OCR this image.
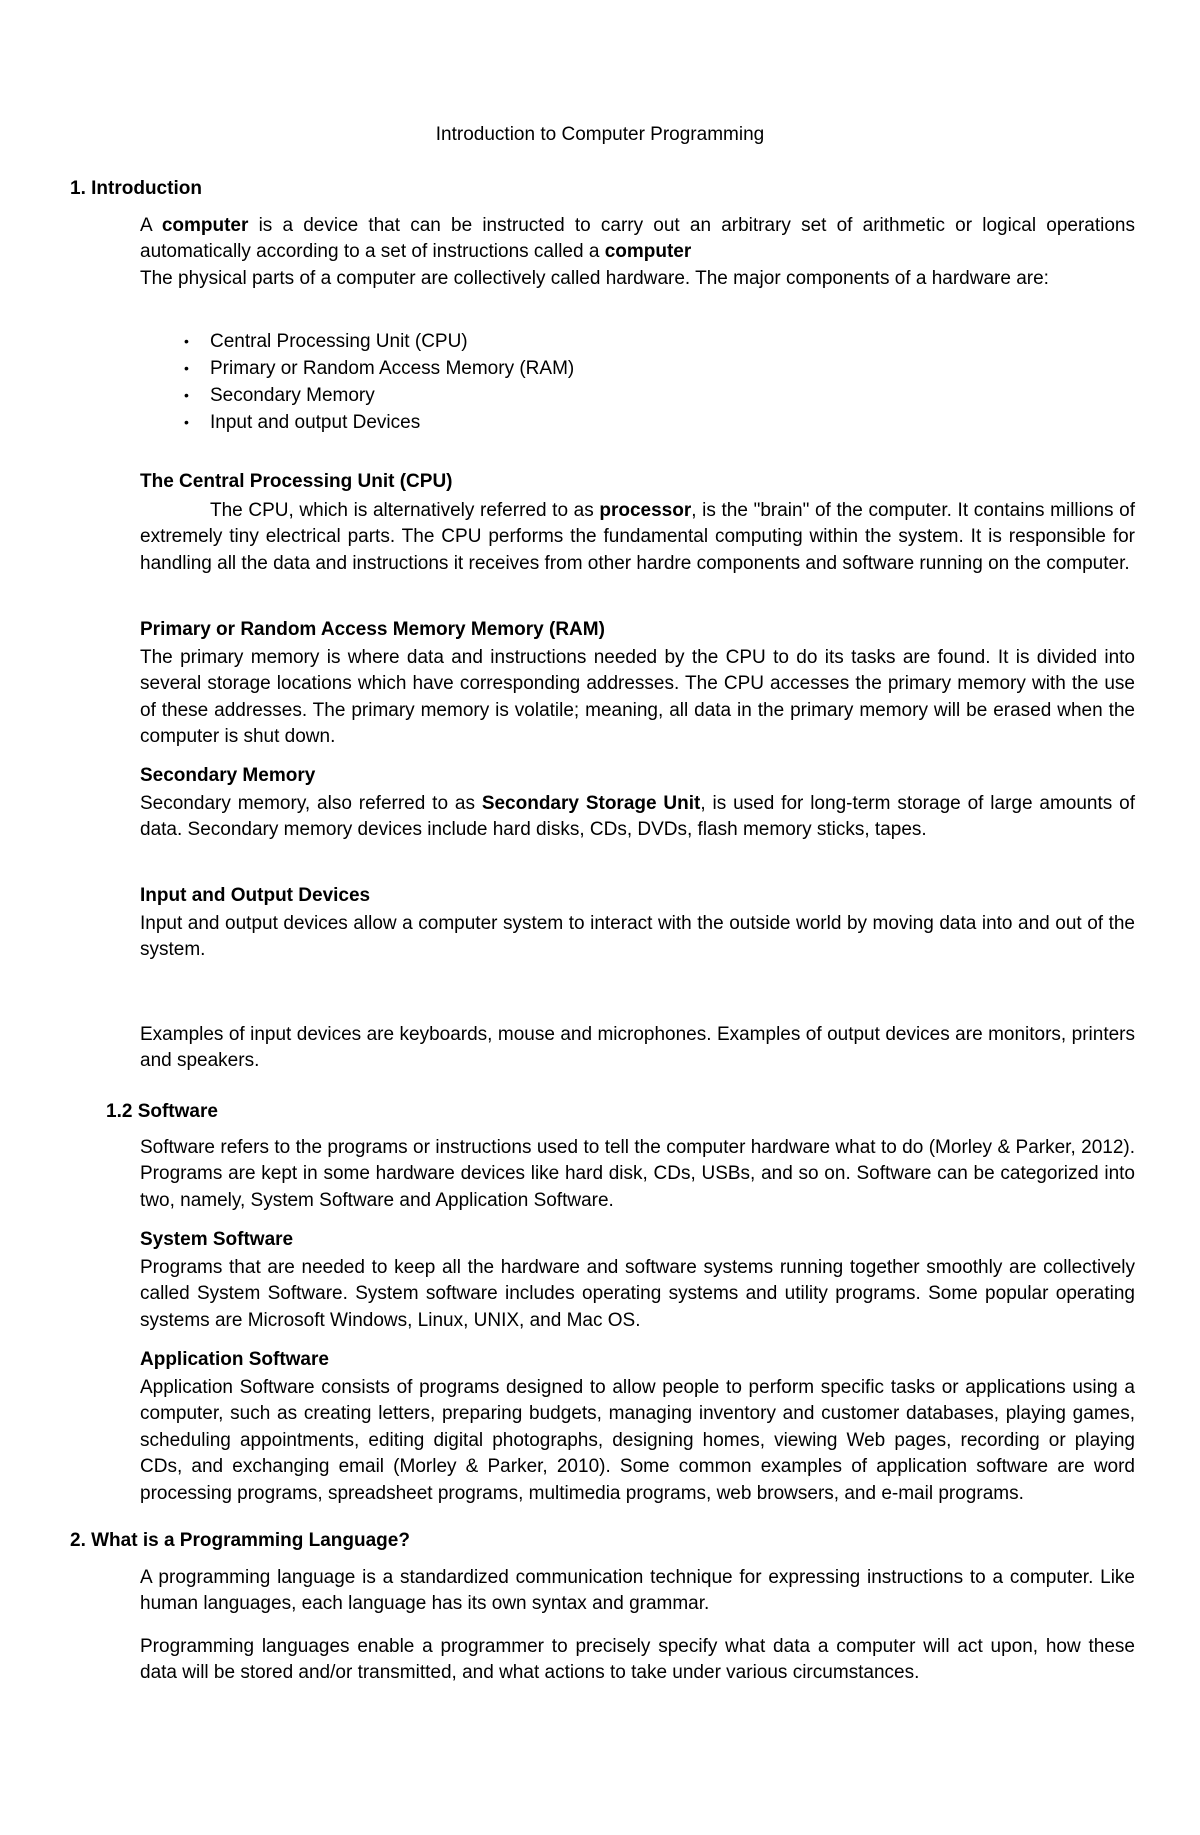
Introduction to Computer Programming
1. Introduction
A computer is a device that can be instructed to carry out an arbitrary set of arithmetic or logical operations automatically according to a set of instructions called a computer
The physical parts of a computer are collectively called hardware. The major components of a hardware are:
• Central Processing Unit (CPU)
• Primary or Random Access Memory (RAM)
• Secondary Memory
• Input and output Devices
The Central Processing Unit (CPU)
The CPU, which is alternatively referred to as processor, is the "brain" of the computer. It contains millions of extremely tiny electrical parts. The CPU performs the fundamental computing within the system. It is responsible for handling all the data and instructions it receives from other hardre components and software running on the computer.
Primary or Random Access Memory Memory (RAM)
The primary memory is where data and instructions needed by the CPU to do its tasks are found. It is divided into several storage locations which have corresponding addresses. The CPU accesses the primary memory with the use of these addresses. The primary memory is volatile; meaning, all data in the primary memory will be erased when the computer is shut down.
Secondary Memory
Secondary memory, also referred to as Secondary Storage Unit, is used for long-term storage of large amounts of data. Secondary memory devices include hard disks, CDs, DVDs, flash memory sticks, tapes.
Input and Output Devices
Input and output devices allow a computer system to interact with the outside world by moving data into and out of the system.
Examples of input devices are keyboards, mouse and microphones. Examples of output devices are monitors, printers and speakers.
1.2 Software
Software refers to the programs or instructions used to tell the computer hardware what to do (Morley & Parker, 2012). Programs are kept in some hardware devices like hard disk, CDs, USBs, and so on. Software can be categorized into two, namely, System Software and Application Software.
System Software
Programs that are needed to keep all the hardware and software systems running together smoothly are collectively called System Software. System software includes operating systems and utility programs. Some popular operating systems are Microsoft Windows, Linux, UNIX, and Mac OS.
Application Software
Application Software consists of programs designed to allow people to perform specific tasks or applications using a computer, such as creating letters, preparing budgets, managing inventory and customer databases, playing games, scheduling appointments, editing digital photographs, designing homes, viewing Web pages, recording or playing CDs, and exchanging email (Morley & Parker, 2010). Some common examples of application software are word processing programs, spreadsheet programs, multimedia programs, web browsers, and e-mail programs.
2. What is a Programming Language?
A programming language is a standardized communication technique for expressing instructions to a computer. Like human languages, each language has its own syntax and grammar.
Programming languages enable a programmer to precisely specify what data a computer will act upon, how these data will be stored and/or transmitted, and what actions to take under various circumstances.
